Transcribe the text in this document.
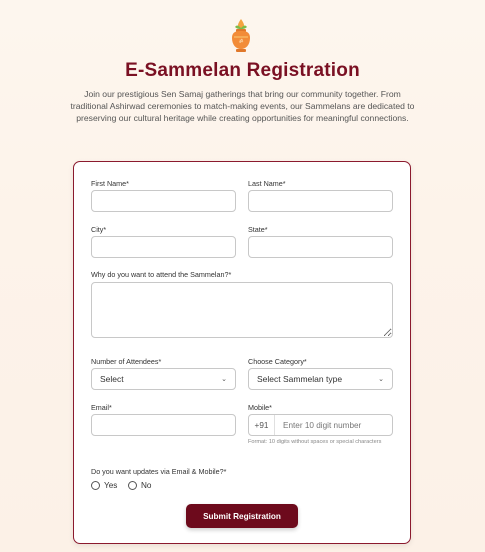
ॐ
E-Sammelan Registration
Join our prestigious Sen Samaj gatherings that bring our community together. From traditional Ashirwad ceremonies to match-making events, our Sammelans are dedicated to preserving our cultural heritage while creating opportunities for meaningful connections.
First Name*	Last Name*
City*	State*
Why do you want to attend the Sammelan?*
Number of Attendees*
Select	⌄
Choose Category*
Select Sammelan type	⌄
Email*	Mobile*
+91
Enter 10 digit number
Format: 10 digits without spaces or special characters
Do you want updates via Email & Mobile?*
Yes	No
Submit Registration
